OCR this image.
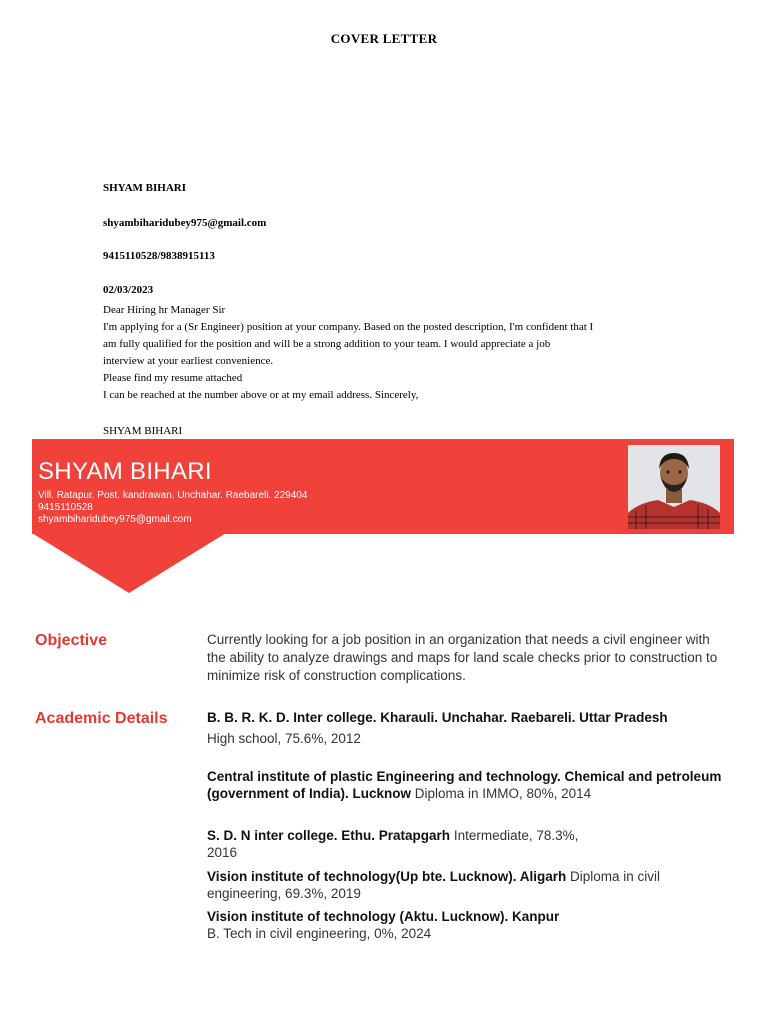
COVER LETTER
SHYAM BIHARI
shyambiharidubey975@gmail.com
9415110528/9838915113
02/03/2023
Dear Hiring hr Manager Sir
I'm applying for a (Sr Engineer) position at your company. Based on the posted description, I'm confident that I
am fully qualified for the position and will be a strong addition to your team. I would appreciate a job
interview at your earliest convenience.
Please find my resume attached
I can be reached at the number above or at my email address. Sincerely,
SHYAM BIHARI
SHYAM BIHARI
Vill. Ratapur. Post. kandrawan. Unchahar. Raebareli. 229404
9415110528
shyambiharidubey975@gmail.com
Objective	Currently looking for a job position in an organization that needs a civil engineer with the ability to analyze drawings and maps for land scale checks prior to construction to minimize risk of construction complications.
Academic Details	B. B. R. K. D. Inter college. Kharauli. Unchahar. Raebareli. Uttar Pradesh
High school, 75.6%, 2012
Central institute of plastic Engineering and technology. Chemical and petroleum (government of India). Lucknow Diploma in IMMO, 80%, 2014
S. D. N inter college. Ethu. Pratapgarh Intermediate, 78.3%, 2016
Vision institute of technology(Up bte. Lucknow). Aligarh Diploma in civil engineering, 69.3%, 2019
Vision institute of technology (Aktu. Lucknow). Kanpur
B. Tech in civil engineering, 0%, 2024
